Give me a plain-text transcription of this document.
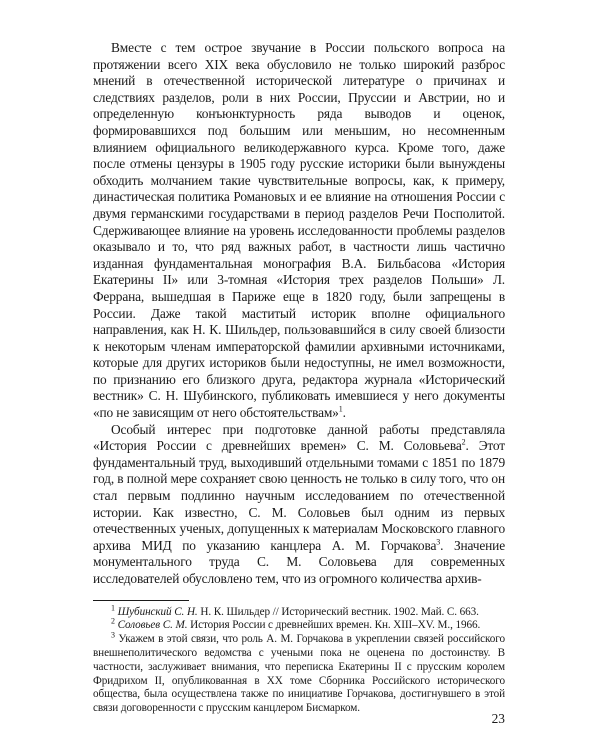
Вместе с тем острое звучание в России польского вопроса на протяжении всего XIX века обусловило не только широкий разброс мнений в отечественной исторической литературе о причинах и следствиях разделов, роли в них России, Пруссии и Австрии, но и определенную конъюнктурность ряда выводов и оценок, формировавшихся под большим или меньшим, но несомненным влиянием официального великодержавного курса. Кроме того, даже после отмены цензуры в 1905 году русские историки были вынуждены обходить молчанием такие чувствительные вопросы, как, к примеру, династическая политика Романовых и ее влияние на отношения России с двумя германскими государствами в период разделов Речи Посполитой. Сдерживающее влияние на уровень исследованности проблемы разделов оказывало и то, что ряд важных работ, в частности лишь частично изданная фундаментальная монография В.А. Бильбасова «История Екатерины II» или 3-томная «История трех разделов Польши» Л. Феррана, вышедшая в Париже еще в 1820 году, были запрещены в России. Даже такой маститый историк вполне официального направления, как Н. К. Шильдер, пользовавшийся в силу своей близости к некоторым членам императорской фамилии архивными источниками, которые для других историков были недоступны, не имел возможности, по признанию его близкого друга, редактора журнала «Исторический вестник» С. Н. Шубинского, публиковать имевшиеся у него документы «по не зависящим от него обстоятельствам»$^1$.

Особый интерес при подготовке данной работы представляла «История России с древнейших времен» С. М. Соловьева$^2$. Этот фундаментальный труд, выходивший отдельными томами с 1851 по 1879 год, в полной мере сохраняет свою ценность не только в силу того, что он стал первым подлинно научным исследованием по отечественной истории. Как известно, С. М. Соловьев был одним из первых отечественных ученых, допущенных к материалам Московского главного архива МИД по указанию канцлера А. М. Горчакова$^3$. Значение монументального труда С. М. Соловьева для современных исследователей обусловлено тем, что из огромного количества архив-

$^1$ Шубинский С. Н. Н. К. Шильдер // Исторический вестник. 1902. Май. С. 663.

$^2$ Соловьев С. М. История России с древнейших времен. Кн. XIII–XV. М., 1966.

$^3$ Укажем в этой связи, что роль А. М. Горчакова в укреплении связей российского внешнеполитического ведомства с учеными пока не оценена по достоинству. В частности, заслуживает внимания, что переписка Екатерины II с прусским королем Фридрихом II, опубликованная в XX томе Сборника Российского исторического общества, была осуществлена также по инициативе Горчакова, достигнувшего в этой связи договоренности с прусским канцлером Бисмарком.

23
